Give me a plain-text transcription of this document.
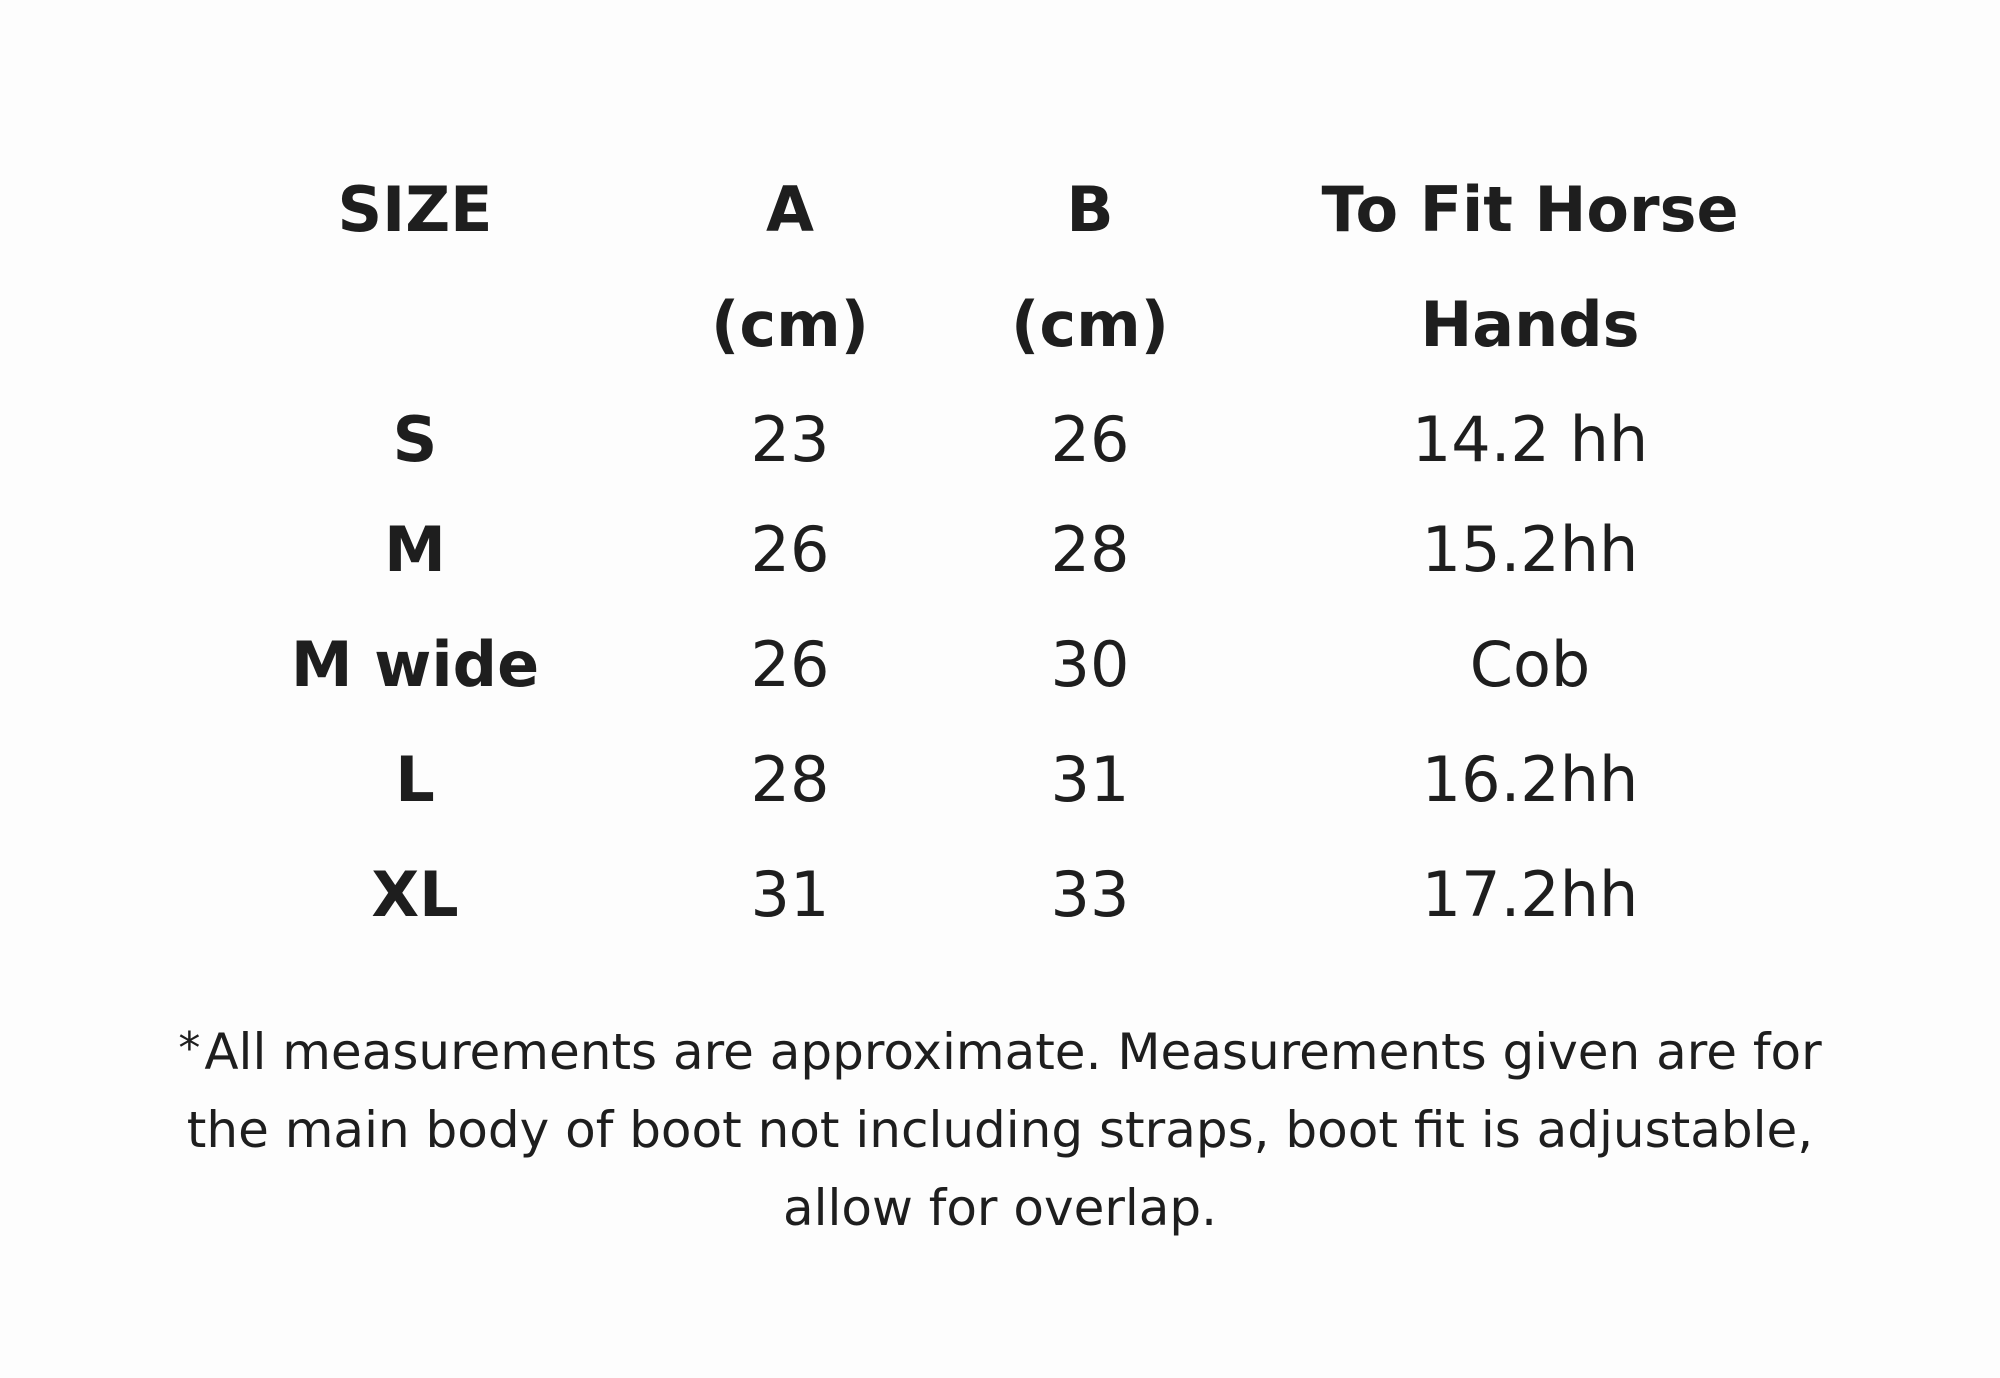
SIZE
S
M
M wide
L
XL
A
(cm)
23
26
26
28
31
B
(cm)
26
28
30
31
33
To Fit Horse
Hands
14.2 hh
15.2hh
Cob
16.2hh
17.2hh
*All measurements are approximate. Measurements given are for the main body of boot not including straps, boot fit is adjustable, allow for overlap.
